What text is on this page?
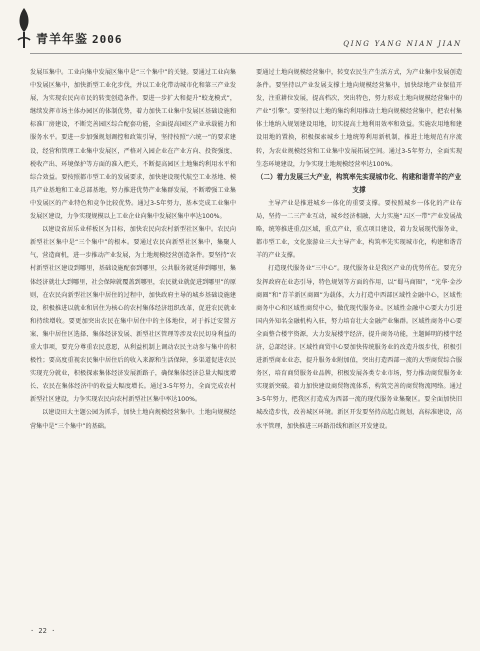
青羊年鉴 2006	QING YANG NIAN JIAN

发展压集中。工业向集中发展区集中是“三个集中”的关键。要通过工业向集中发展区集中，加快新型工业化步伐，并以工业化带动城市化和第三产业发展，为实现农民向市民的转变创造条件。要进一步扩大和提升“蛟龙模式”，继续发挥市场主体办园区的体制优势，着力加快工业集中发展区基础设施和标准厂房建设，不断完善园区综合配套功能，全面提高园区产业承载能力和服务水平。要进一步加强规划调控和政策引导，坚持按照“六统一”的要求建设，经营和管理工业集中发展区，严格对入园企业在产业方向、投资强度、税收产出、环境保护等方面的准入把关，不断提高园区土地集约利用水平和综合效益。要按照都市型工业的发展要求，加快建设现代航空工业基地、模具产业基地和工业总部基地，努力推进优势产业集群发展，不断增强工业集中发展区的产业特色和竞争比较优势。通过3-5年努力，基本完成工业集中发展区建设，力争实现规模以上工业企业向集中发展区集中率达100%。

以建设省居乐业样板区为目标，加快农民向农村新型社区集中。农民向新型社区集中是“三个集中”的根本。要通过农民向新型社区集中，集聚人气，营造商机，进一步推动产业发展，为土地规模经营创造条件。要坚持“农村新型社区建设到哪里，基础设施配套到哪里，公共服务就延伸到哪里，集体经济就壮大到哪里，社会保障就覆盖到哪里，农民就业就促进到哪里”的原则，在农民向新型社区集中居住的过程中，加快政府主导的城乡基础设施建设，积极推进以就业和居住为核心的农村集体经济组织改革，促进农民就业和持续增收。要更加突出农民在集中居住中的主体地位，对于拆迁安置方案、集中居住区选择、集体经济发展、新型社区管理等涉及农民切身利益的重大事项，要充分尊重农民意愿，从利益机制上调动农民主动参与集中的积极性；要高度重视农民集中居住后的收入来源和生活保障，多渠道促进农民实现充分就业，积极探索集体经济发展新路子，确保集体经济总量大幅度增长、农民在集体经济中的收益大幅度增长。通过3-5年努力，全面完成农村新型社区建设，力争实现农民向农村新型社区集中率达100%。

以建设田大主题公园为抓手，加快土地向规模经营集中。土地向规模经营集中是“三个集中”的基础。

要通过土地向规模经营集中，转变农民生产生活方式，为产业集中发展创造条件。要坚持以产业发展支撑土地向规模经营集中，加快绿地产业保值开发，注重耕位发展，提高档次，突出特色，努力形成土地向规模经营集中的产业“引擎”。要坚持以土地的集约利用推动土地向规模经营集中，把农村集体土地纳入规划建设用地，切实提高土地利用效率和效益。实施农用地和建设用地的置换，积极探索城乡土地统筹利用新机制，推进土地规范有序流转，为农业规模经营和工业集中发展拓展空间。通过3-5年努力，全面实现生态环境建设，力争实现土地规模经营率达100%。

（二）着力发展三大产业，构筑率先实现城市化、构建和谐青羊的产业支撑

主导产业是推进城乡一体化的重要支撑。要按照城乡一体化的产业布局，坚持一二三产业互动，城乡经济相融，大力实施“五区一带”产业发展战略，统筹推进重点区域，重点产业，重点项目建设，着力发展现代服务业，都市型工业，文化旅游业三大主导产业，构筑率先实现城市化，构建和谐青羊的产业支撑。

打造现代服务业“三中心”。现代服务业是我区产业的优势所在。要充分发挥政府在业态引导，特色规划等方面的作用，以“蜀马商圈”，“光华·金沙商圈”和“青羊新区商圈”为载体，大力打造中西部区域性金融中心，区域性商务中心和区域性商贸中心，做优现代服务业。区域性金融中心要大力引进国内外知名金融机构入驻，努力培育壮大金融产业集群。区域性商务中心要全面整合楼宇资源，大力发展楼宇经济，提升商务功能，主题鲜明的楼宇经济，总部经济。区域性商贸中心要加快传统服务业的改造升级步伐，积极引进新型商业业态，提升服务业附加值，突出打造西部一流的大型商贸综合服务区，培育商贸服务业品牌，积极发展各类专业市场，努力推动商贸服务业实现新突破。着力加快建设商贸物流体系，构筑完善的商贸物流网络。通过3-5年努力，把我区打造成为西部一流的现代服务业集聚区。要全面加快旧城改造步伐，改善城区环境。新区开发要坚持高起点规划，高标准建设，高水平管理，加快推进三环路沿线和新区开发建设。

· 22 ·
